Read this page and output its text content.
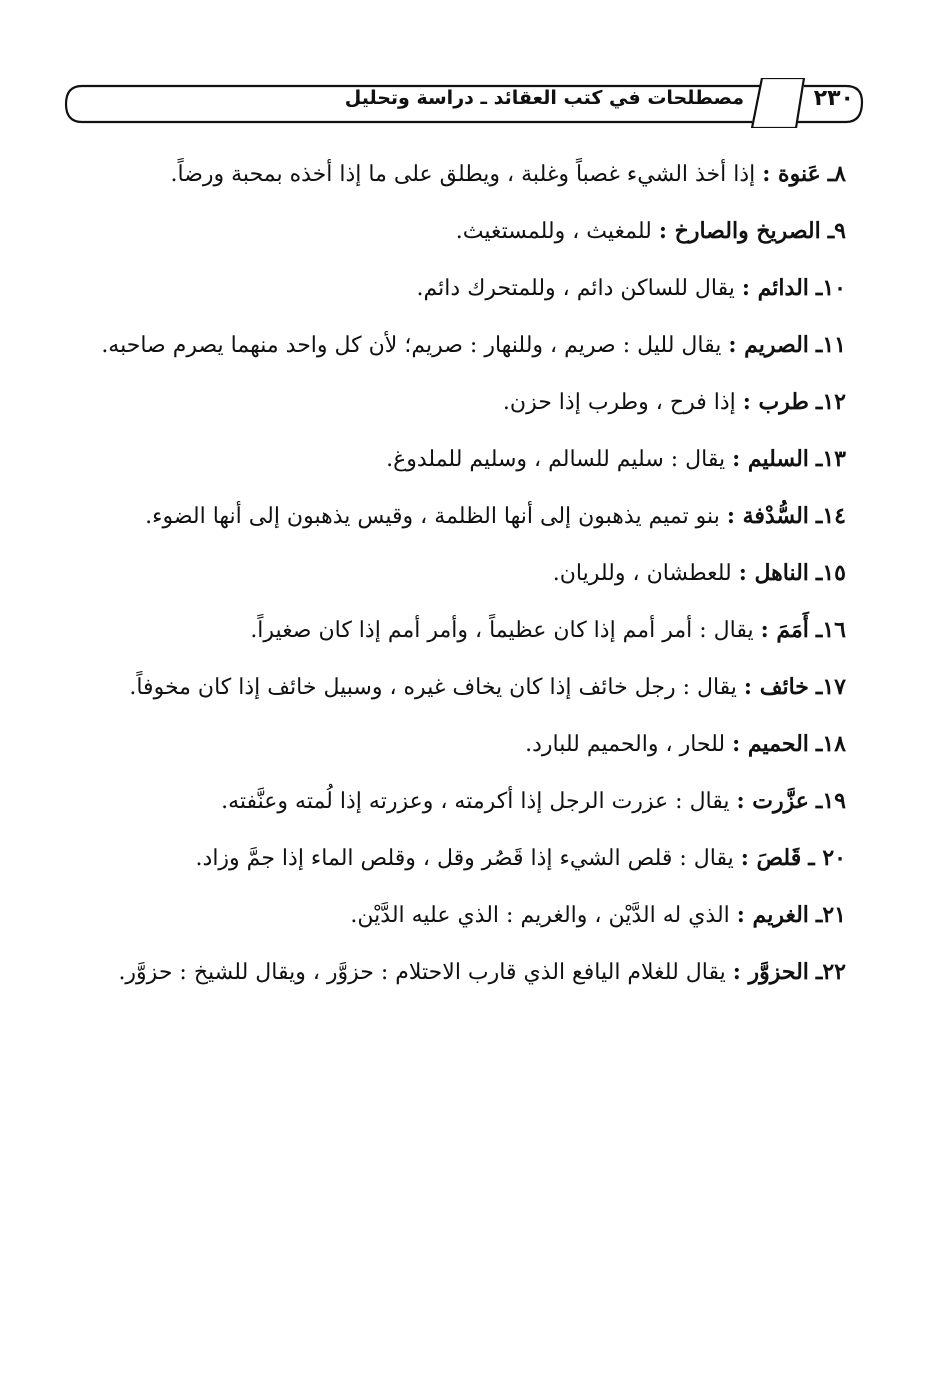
٢٣٠
مصطلحات في كتب العقائد ـ دراسة وتحليل

٨ـ عَنوة : إذا أخذ الشيء غصباً وغلبة ، ويطلق على ما إذا أخذه بمحبة ورضاً.

٩ـ الصريخ والصارخ : للمغيث ، وللمستغيث.

١٠ـ الدائم : يقال للساكن دائم ، وللمتحرك دائم.

١١ـ الصريم : يقال لليل : صريم ، وللنهار : صريم؛ لأن كل واحد منهما يصرم صاحبه.

١٢ـ طرب : إذا فرح ، وطرب إذا حزن.

١٣ـ السليم : يقال : سليم للسالم ، وسليم للملدوغ.

١٤ـ السُّدْفة : بنو تميم يذهبون إلى أنها الظلمة ، وقيس يذهبون إلى أنها الضوء.

١٥ـ الناهل : للعطشان ، وللريان.

١٦ـ أَمَمَ : يقال : أمر أمم إذا كان عظيماً ، وأمر أمم إذا كان صغيراً.

١٧ـ خائف : يقال : رجل خائف إذا كان يخاف غيره ، وسبيل خائف إذا كان مخوفاً.

١٨ـ الحميم : للحار ، والحميم للبارد.

١٩ـ عزَّرت : يقال : عزرت الرجل إذا أكرمته ، وعزرته إذا لُمته وعنَّفته.

٢٠ ـ قَلصَ : يقال : قلص الشيء إذا قَصُر وقل ، وقلص الماء إذا جمَّ وزاد.

٢١ـ الغريم : الذي له الدَّيْن ، والغريم : الذي عليه الدَّيْن.

٢٢ـ الحزوَّر : يقال للغلام اليافع الذي قارب الاحتلام : حزوَّر ، ويقال للشيخ : حزوَّر.
